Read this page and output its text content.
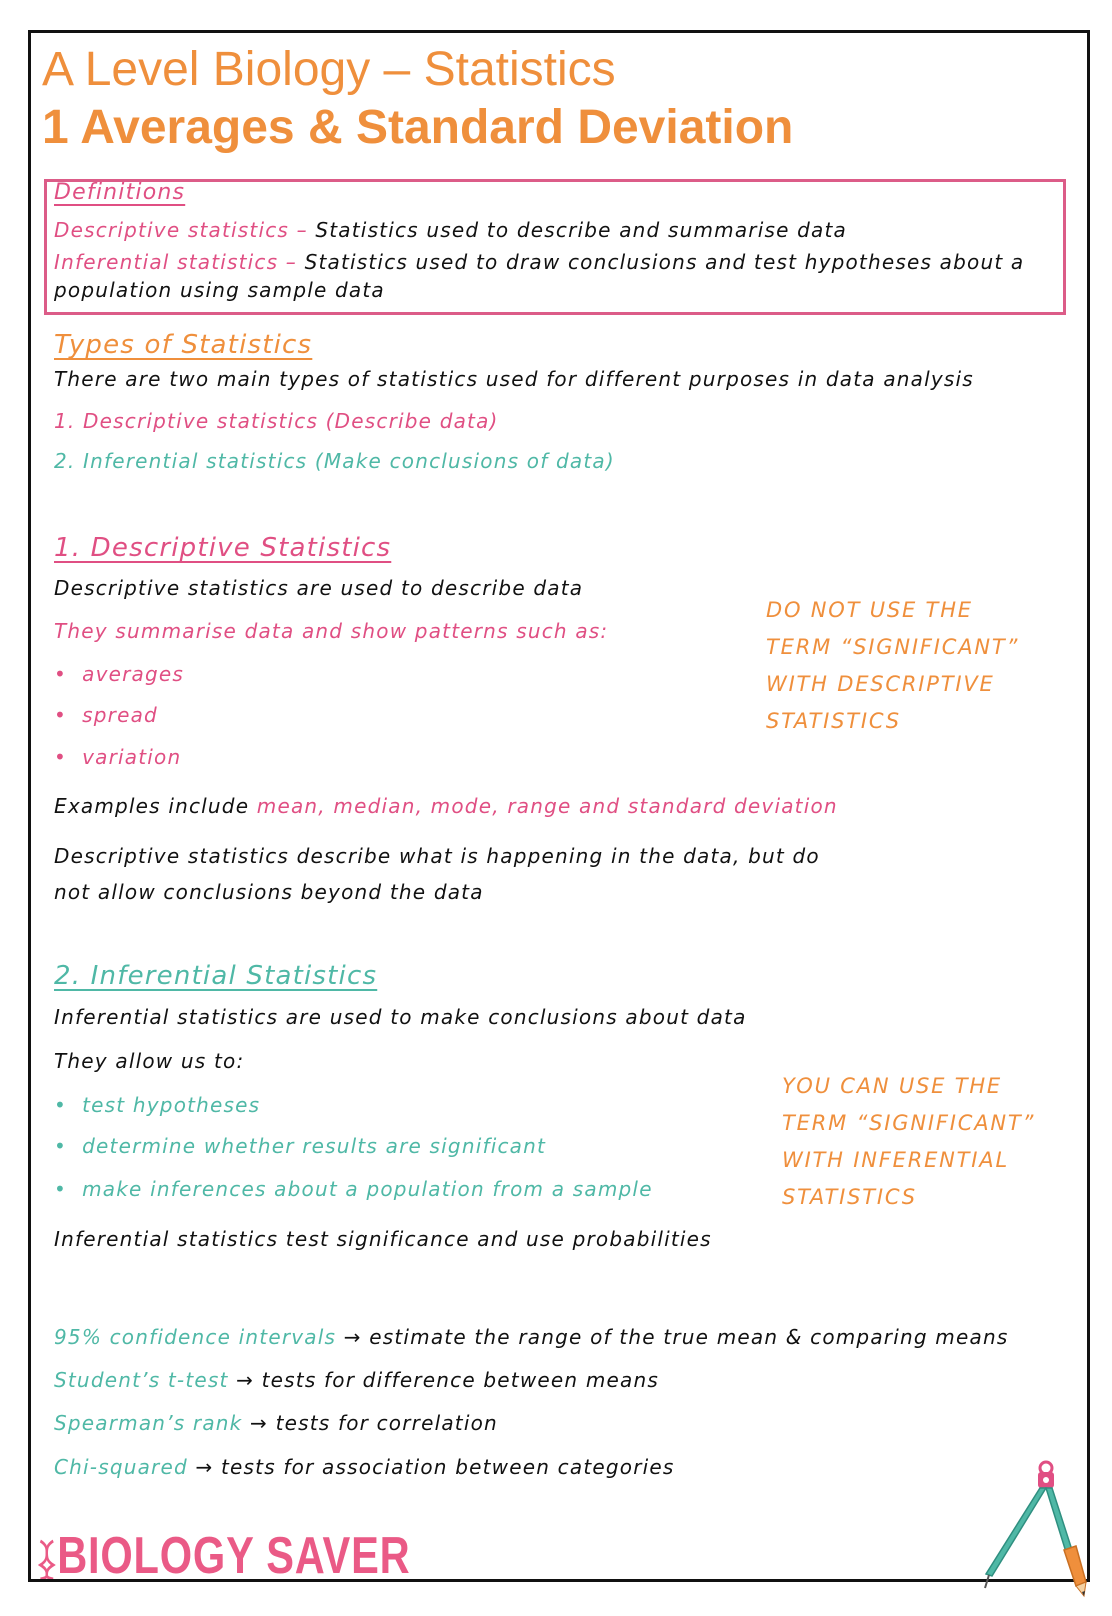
A Level Biology – Statistics
1 Averages & Standard Deviation
Definitions
Descriptive statistics – Statistics used to describe and summarise data
Inferential statistics – Statistics used to draw conclusions and test hypotheses about a
population using sample data
Types of Statistics
There are two main types of statistics used for different purposes in data analysis
1. Descriptive statistics (Describe data)
2. Inferential statistics (Make conclusions of data)
1. Descriptive Statistics
Descriptive statistics are used to describe data
They summarise data and show patterns such as:
•  averages
•  spread
•  variation
Examples include mean, median, mode, range and standard deviation
Descriptive statistics describe what is happening in the data, but do
not allow conclusions beyond the data
DO NOT USE THE
TERM “SIGNIFICANT”
WITH DESCRIPTIVE
STATISTICS
2. Inferential Statistics
Inferential statistics are used to make conclusions about data
They allow us to:
•  test hypotheses
•  determine whether results are significant
•  make inferences about a population from a sample
Inferential statistics test significance and use probabilities
YOU CAN USE THE
TERM “SIGNIFICANT”
WITH INFERENTIAL
STATISTICS
95% confidence intervals → estimate the range of the true mean & comparing means
Student’s t-test → tests for difference between means
Spearman’s rank → tests for correlation
Chi-squared → tests for association between categories
BIOLOGY SAVER
